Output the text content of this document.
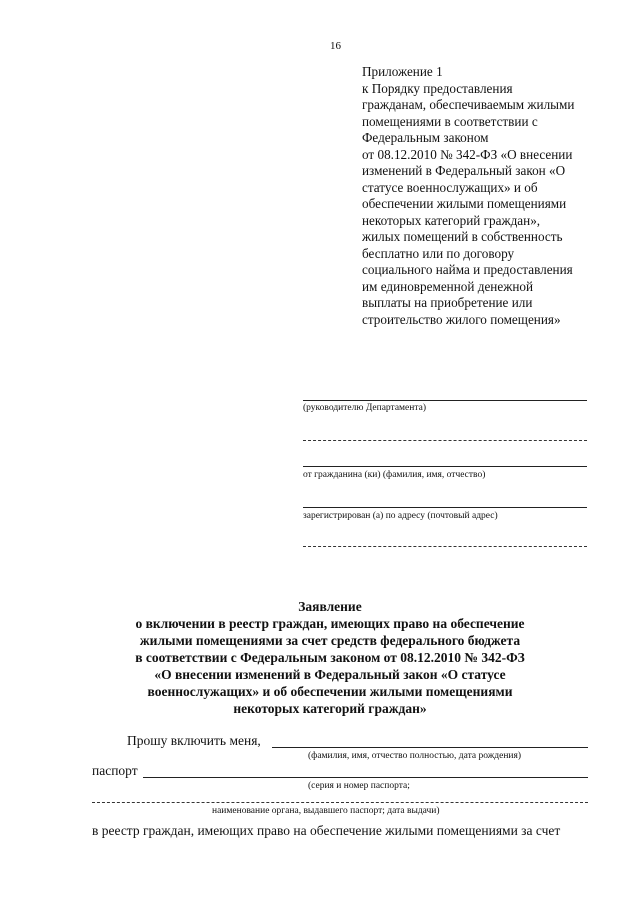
16
Приложение 1
к Порядку предоставления
гражданам, обеспечиваемым жилыми
помещениями в соответствии с
Федеральным законом
от 08.12.2010 № 342-ФЗ «О внесении
изменений в Федеральный закон «О
статусе военнослужащих» и об
обеспечении жилыми помещениями
некоторых категорий граждан»,
жилых помещений в собственность
бесплатно или по договору
социального найма и предоставления
им единовременной денежной
выплаты на приобретение или
строительство жилого помещения»
(руководителю Департамента)
от гражданина (ки) (фамилия, имя, отчество)
зарегистрирован (а) по адресу (почтовый адрес)
Заявление
о включении в реестр граждан, имеющих право на обеспечение
жилыми помещениями за счет средств федерального бюджета
в соответствии с Федеральным законом от 08.12.2010 № 342-ФЗ
«О внесении изменений в Федеральный закон «О статусе
военнослужащих» и об обеспечении жилыми помещениями
некоторых категорий граждан»
Прошу включить меня,
(фамилия, имя, отчество полностью, дата рождения)
паспорт
(серия и номер паспорта;
наименование органа, выдавшего паспорт; дата выдачи)
в реестр граждан, имеющих право на обеспечение жилыми помещениями за счет
